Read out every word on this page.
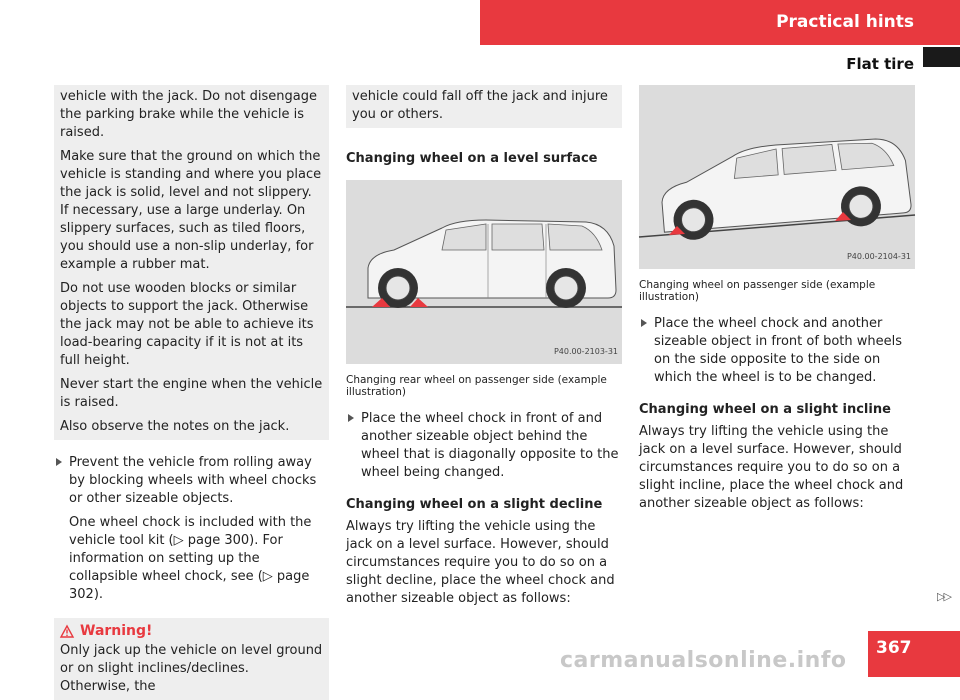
Practical hints
Flat tire

vehicle with the jack. Do not disengage the parking brake while the vehicle is raised.

Make sure that the ground on which the vehicle is standing and where you place the jack is solid, level and not slippery. If necessary, use a large underlay. On slippery surfaces, such as tiled floors, you should use a non-slip underlay, for example a rubber mat.

Do not use wooden blocks or similar objects to support the jack. Otherwise the jack may not be able to achieve its load-bearing capacity if it is not at its full height.

Never start the engine when the vehicle is raised.

Also observe the notes on the jack.

Prevent the vehicle from rolling away by blocking wheels with wheel chocks or other sizeable objects.

One wheel chock is included with the vehicle tool kit (▷ page 300). For information on setting up the collapsible wheel chock, see (▷ page 302).

Warning!

Only jack up the vehicle on level ground or on slight inclines/declines. Otherwise, the

vehicle could fall off the jack and injure you or others.

Changing wheel on a level surface
P40.00-2103-31

Changing rear wheel on passenger side (example illustration)

Place the wheel chock in front of and another sizeable object behind the wheel that is diagonally opposite to the wheel being changed.

Changing wheel on a slight decline

Always try lifting the vehicle using the jack on a level surface. However, should circumstances require you to do so on a slight decline, place the wheel chock and another sizeable object as follows:

P40.00-2104-31

Changing wheel on passenger side (example illustration)

Place the wheel chock and another sizeable object in front of both wheels on the side opposite to the side on which the wheel is to be changed.

Changing wheel on a slight incline

Always try lifting the vehicle using the jack on a level surface. However, should circumstances require you to do so on a slight incline, place the wheel chock and another sizeable object as follows:

▷▷
367
carmanualsonline.info
